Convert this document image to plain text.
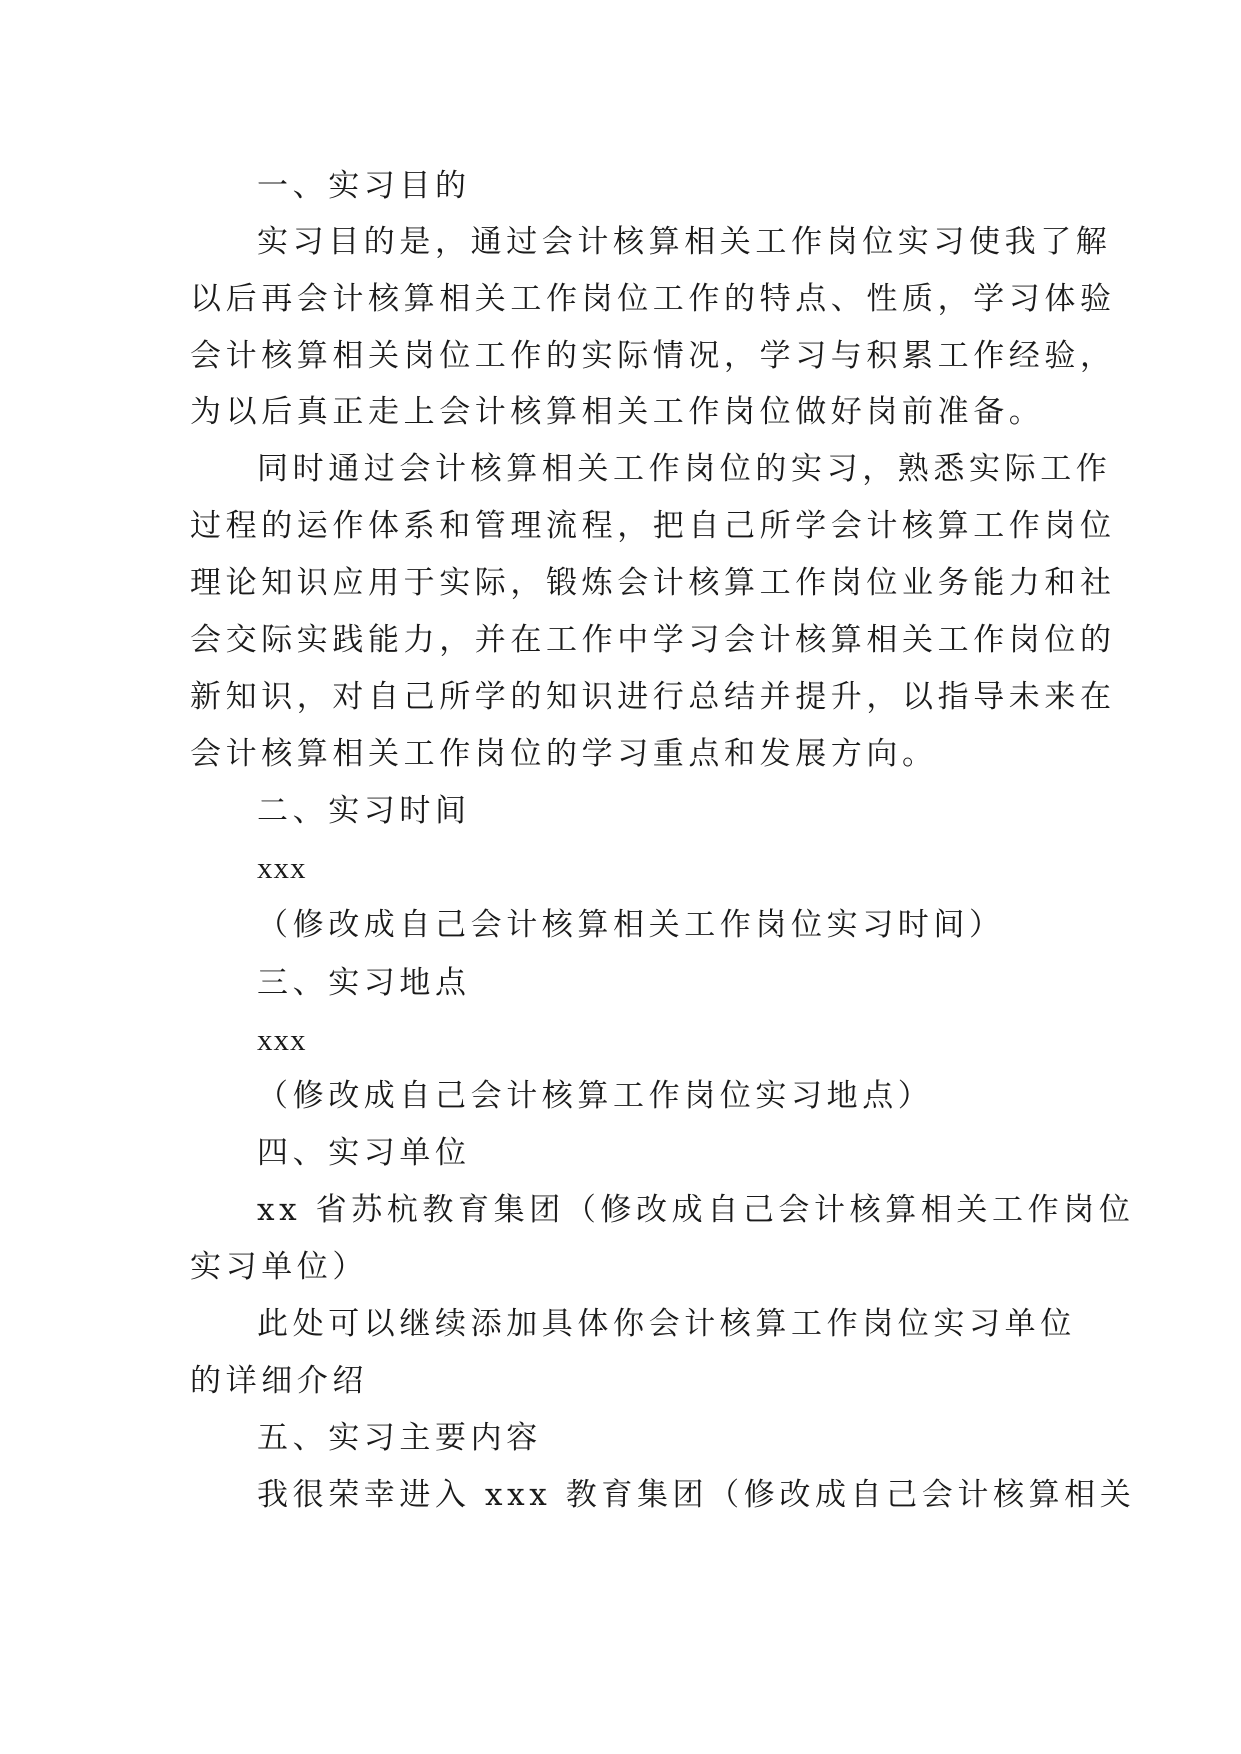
一、实习目的
实习目的是，通过会计核算相关工作岗位实习使我了解
以后再会计核算相关工作岗位工作的特点、性质，学习体验
会计核算相关岗位工作的实际情况，学习与积累工作经验，
为以后真正走上会计核算相关工作岗位做好岗前准备。
同时通过会计核算相关工作岗位的实习，熟悉实际工作
过程的运作体系和管理流程，把自己所学会计核算工作岗位
理论知识应用于实际，锻炼会计核算工作岗位业务能力和社
会交际实践能力，并在工作中学习会计核算相关工作岗位的
新知识，对自己所学的知识进行总结并提升，以指导未来在
会计核算相关工作岗位的学习重点和发展方向。
二、实习时间
xxx
（修改成自己会计核算相关工作岗位实习时间）
三、实习地点
xxx
（修改成自己会计核算工作岗位实习地点）
四、实习单位
xx 省苏杭教育集团（修改成自己会计核算相关工作岗位
实习单位）
此处可以继续添加具体你会计核算工作岗位实习单位
的详细介绍
五、实习主要内容
我很荣幸进入 xxx 教育集团（修改成自己会计核算相关
